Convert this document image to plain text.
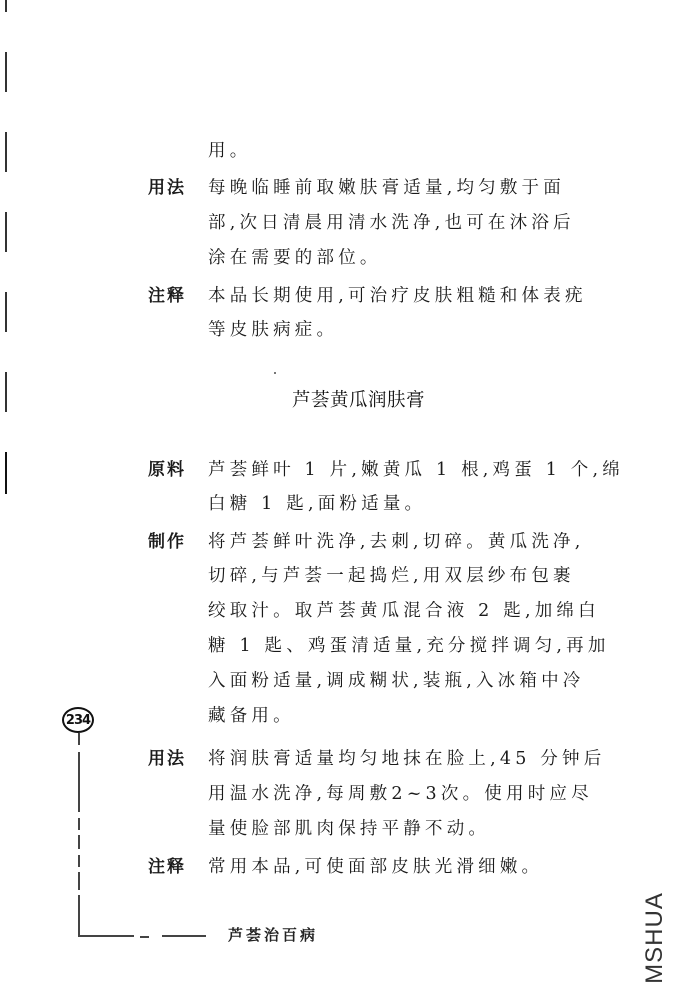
用。
用法 每晚临睡前取嫩肤膏适量,均匀敷于面
部,次日清晨用清水洗净,也可在沐浴后
涂在需要的部位。
注释 本品长期使用,可治疗皮肤粗糙和体表疣
等皮肤病症。
芦荟黄瓜润肤膏
原料 芦荟鲜叶 1 片,嫩黄瓜 1 根,鸡蛋 1 个,绵
白糖 1 匙,面粉适量。
制作 将芦荟鲜叶洗净,去刺,切碎。黄瓜洗净,
切碎,与芦荟一起捣烂,用双层纱布包裹
绞取汁。取芦荟黄瓜混合液 2 匙,加绵白
糖 1 匙、鸡蛋清适量,充分搅拌调匀,再加
入面粉适量,调成糊状,装瓶,入冰箱中冷
藏备用。
用法 将润肤膏适量均匀地抹在脸上,45 分钟后
用温水洗净,每周敷2~3次。使用时应尽
量使脸部肌肉保持平静不动。
注释 常用本品,可使面部皮肤光滑细嫩。
234
芦荟治百病	MSHUA
